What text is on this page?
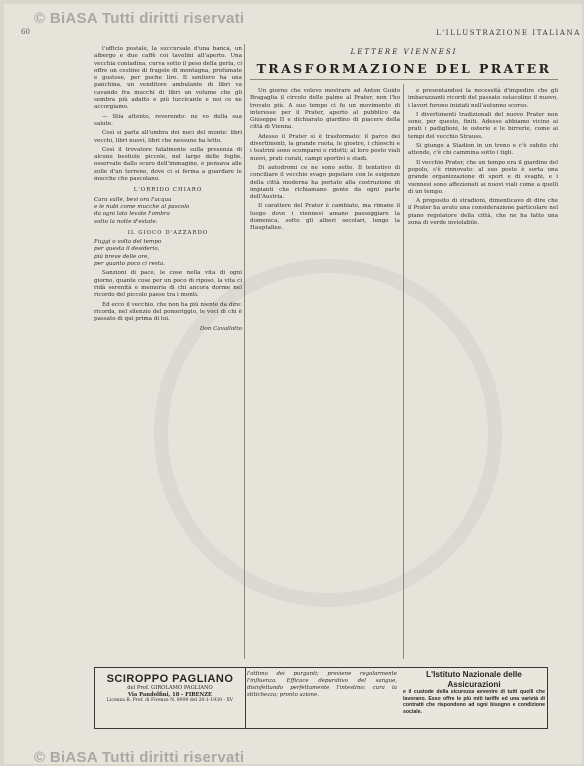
© BiASA Tutti diritti riservati
60	L'ILLUSTRAZIONE ITALIANA
LETTERE VIENNESI
TRASFORMAZIONE DEL PRATER

l'ufficio postale, la succursale d'una banca, un albergo e due caffè coi tavolini all'aperto. Una vecchia contadina, curva sotto il peso della gerla, ci offre un cestino di fragole di montagna, profumate e gustose, per poche lire. Il sentiero ha una panchina, un venditore ambulante di libri va cavando fra mucchi di libri un volume che gli sembra più adatto e più luccicante e noi ce ne accorgiamo.

— Stia attento, reverendo: ne vo della sua salute.

Così si parla all'ombra dei noci del monte: libri vecchi, libri nuovi, libri che nessuno ha letto.

Così il trovatore fatalmente sulla presenza di alcune bestiole piccole, nel largo delle foglie, osservate dallo scuro dell'immagine, e pensava alle zolle d'un terreno, dove ci si ferma a guardare le mucche che pascolano.

L'ORRIDO CHIARO

Cara valle, bevi ora l'acqua
e le nubi come mucche al pascolo
da ogni lato levate l'ombra
sotto la notte d'estate.

IL GIOCO D'AZZARDO

Fuggi o volta del tempo
per questa il desiderio,
più breve delle ore,
per quanto poco ci resta.

Sanzioni di pace, le cose nella vita di ogni giorno, quante cose per un poco di riposo, la vita ci ridà serenità e memoria di chi ancora dorme nel ricordo del piccolo paese tra i monti.

Ed ecco il vecchio, che non ha più niente da dire: ricorda, nel silenzio del pomeriggio, le voci di chi è passato di qui prima di lui.

Don Cavallotto

Un giorno che volevo mostrare ad Anton Guido Bragaglia il circolo delle palme al Prater, non l'ho trovato più. A suo tempo ci fu un movimento di interesse per il Prater, aperto al pubblico da Giuseppe II e dichiarato giardino di piacere della città di Vienna.

Adesso il Prater si è trasformato: il parco dei divertimenti, la grande ruota, le giostre, i chioschi e i teatrini sono scomparsi o ridotti; al loro posto viali nuovi, prati curati, campi sportivi e stadi.

Di autodromi ce ne sono sette. Il tentativo di conciliare il vecchio svago popolare con le esigenze della città moderna ha portato alla costruzione di impianti che richiamano gente da ogni parte dell'Austria.

Il carattere del Prater è cambiato, ma rimane il luogo dove i viennesi amano passeggiare la domenica, sotto gli alberi secolari, lungo la Hauptallee.

e presentandosi la necessità d'impedire che gli imbarazzanti ricordi del passato ostacolino il nuovo, i lavori furono iniziati nell'autunno scorso.

I divertimenti tradizionali del nuovo Prater non sono, per questo, finiti. Adesso abbiamo vicino ai prati i padiglioni, le osterie e le birrerie, come ai tempi del vecchio Strauss.

Si giunge a Stadion in un treno e c'è subito chi attende, c'è chi cammina sotto i tigli.

Il vecchio Prater, che un tempo era il giardino del popolo, s'è rinnovato: al suo posto è sorta una grande organizzazione di sport e di svaghi, e i viennesi sono affezionati ai nuovi viali come a quelli di un tempo.

A proposito di stradioni, dimenticavo di dire che il Prater ha avuto una considerazione particolare nel piano regolatore della città, che ne ha fatto una zona di verde inviolabile.

SCIROPPO PAGLIANO
del Prof. GIROLAMO PAGLIANO
Via Pandolfini, 18 - FIRENZE
Licenza R. Pref. di Firenze N. 8999 del 20-1-1930 - XV
l'ottimo dei purganti; previene regolarmente l'influenza. Efficace depurativo del sangue, disinfettando perfettamente l'intestino: cura la stitichezza; pronto azione.
L'Istituto Nazionale delle Assicurazioni
e il custode della sicurezza avvenire di tutti quelli che lavorano. Esso offre le più miti tariffe ed una varietà di contratti che rispondono ad ogni bisogno e condizione sociale.
© BiASA Tutti diritti riservati
